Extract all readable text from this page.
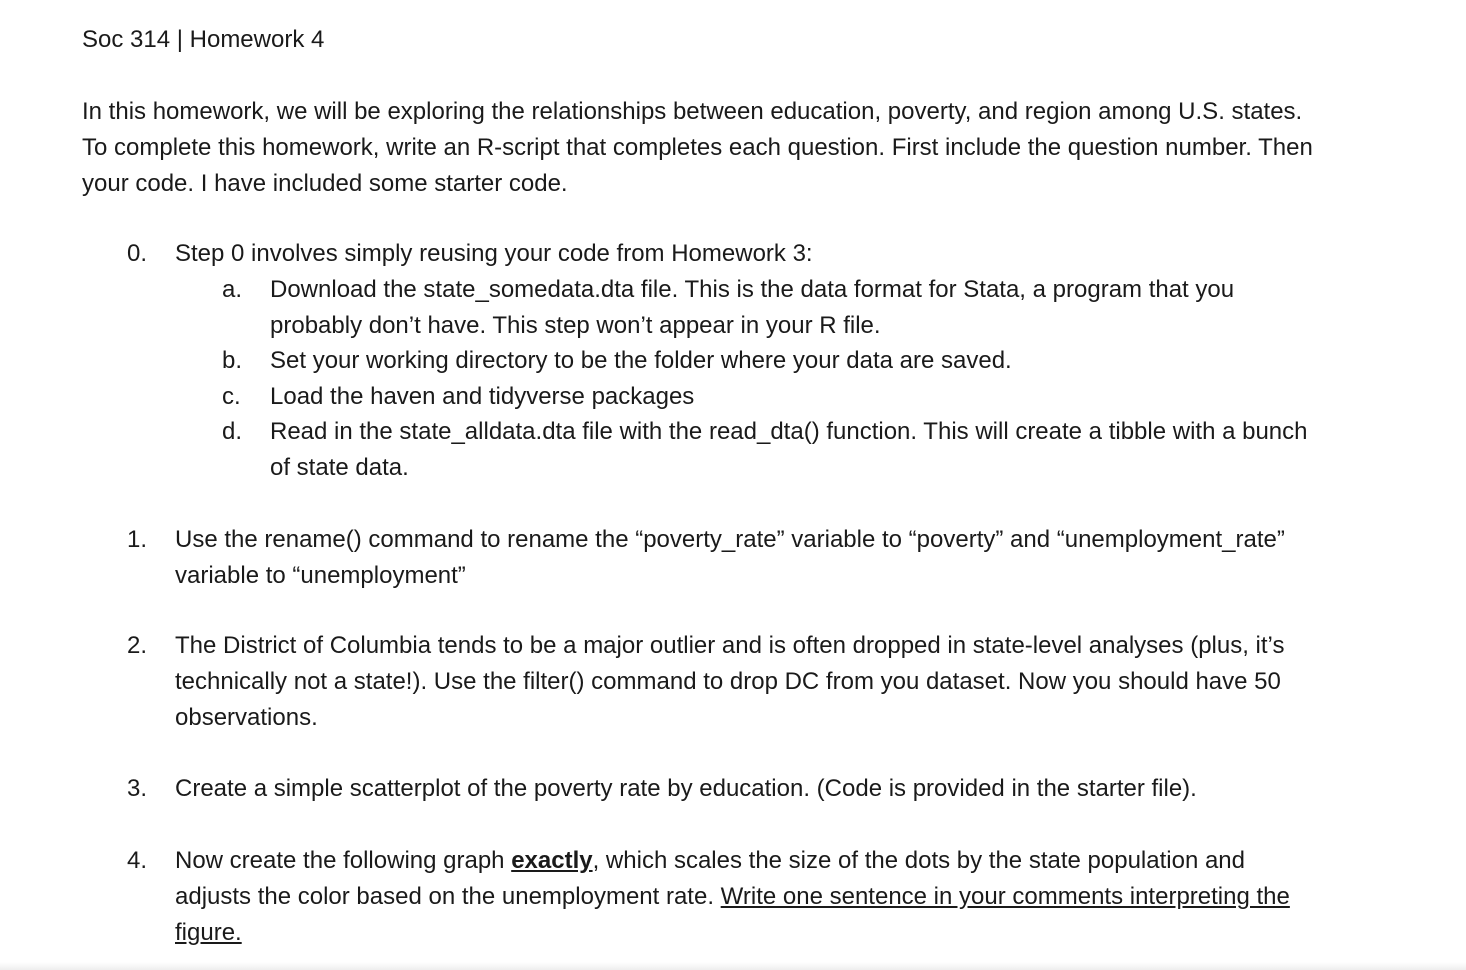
Soc 314 | Homework 4

In this homework, we will be exploring the relationships between education, poverty, and region among U.S. states. To complete this homework, write an R-script that completes each question. First include the question number. Then your code. I have included some starter code.

0.	Step 0 involves simply reusing your code from Homework 3:
a.	Download the state_somedata.dta file. This is the data format for Stata, a program that you probably don’t have. This step won’t appear in your R file.
b.	Set your working directory to be the folder where your data are saved.
c.	Load the haven and tidyverse packages
d.	Read in the state_alldata.dta file with the read_dta() function. This will create a tibble with a bunch of state data.
1.	Use the rename() command to rename the “poverty_rate” variable to “poverty” and “unemployment_rate” variable to “unemployment”
2.	The District of Columbia tends to be a major outlier and is often dropped in state-level analyses (plus, it’s technically not a state!). Use the filter() command to drop DC from you dataset. Now you should have 50 observations.
3.	Create a simple scatterplot of the poverty rate by education. (Code is provided in the starter file).
4.	Now create the following graph exactly, which scales the size of the dots by the state population and adjusts the color based on the unemployment rate. Write one sentence in your comments interpreting the figure.
